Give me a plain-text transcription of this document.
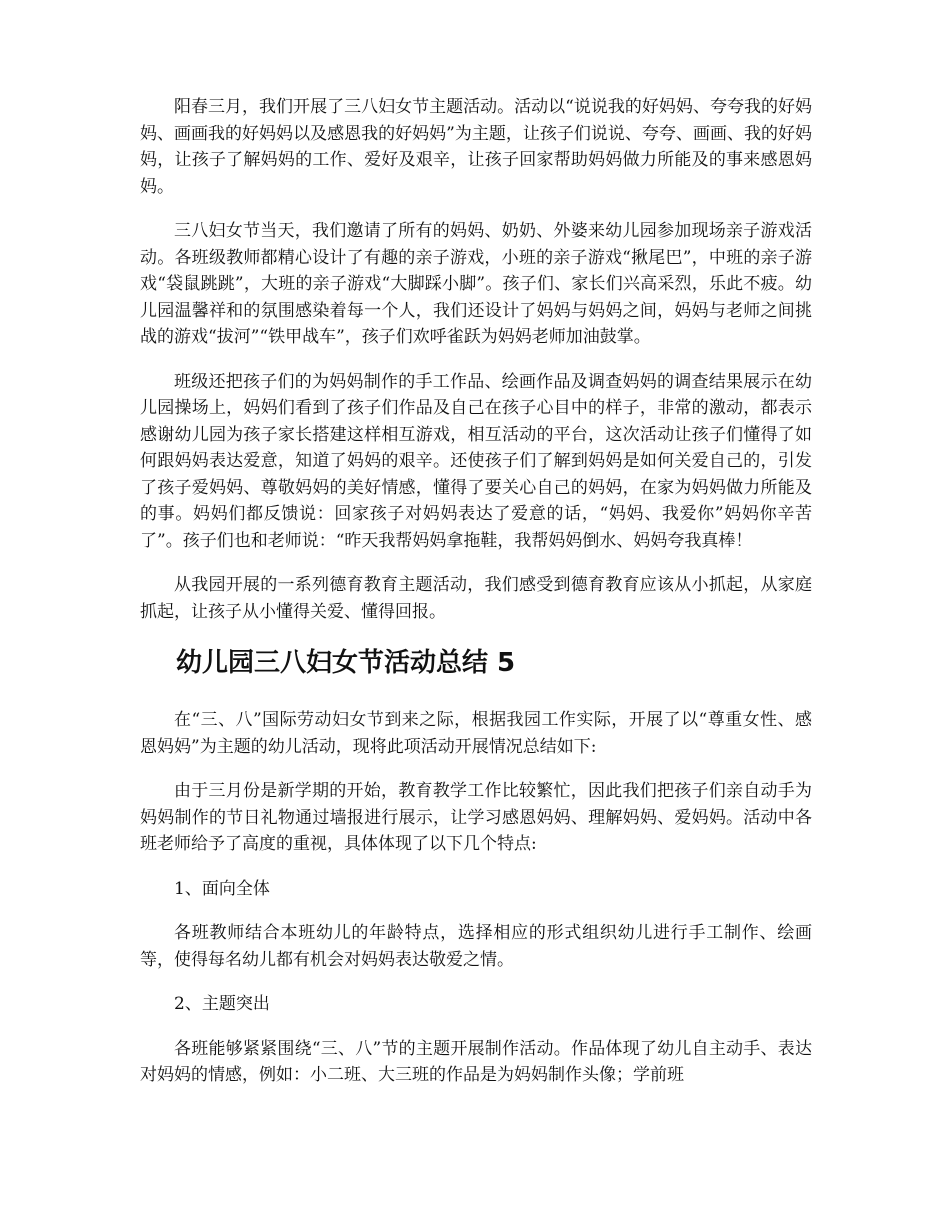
阳春三月，我们开展了三八妇女节主题活动。活动以“说说我的好妈妈、夸夸我的好妈妈、画画我的好妈妈以及感恩我的好妈妈”为主题，让孩子们说说、夸夸、画画、我的好妈妈，让孩子了解妈妈的工作、爱好及艰辛，让孩子回家帮助妈妈做力所能及的事来感恩妈妈。

三八妇女节当天，我们邀请了所有的妈妈、奶奶、外婆来幼儿园参加现场亲子游戏活动。各班级教师都精心设计了有趣的亲子游戏，小班的亲子游戏“揪尾巴”，中班的亲子游戏“袋鼠跳跳”，大班的亲子游戏“大脚踩小脚”。孩子们、家长们兴高采烈，乐此不疲。幼儿园温馨祥和的氛围感染着每一个人，我们还设计了妈妈与妈妈之间，妈妈与老师之间挑战的游戏“拔河”“铁甲战车”，孩子们欢呼雀跃为妈妈老师加油鼓掌。

班级还把孩子们的为妈妈制作的手工作品、绘画作品及调查妈妈的调查结果展示在幼儿园操场上，妈妈们看到了孩子们作品及自己在孩子心目中的样子，非常的激动，都表示感谢幼儿园为孩子家长搭建这样相互游戏，相互活动的平台，这次活动让孩子们懂得了如何跟妈妈表达爱意，知道了妈妈的艰辛。还使孩子们了解到妈妈是如何关爱自己的，引发了孩子爱妈妈、尊敬妈妈的美好情感，懂得了要关心自己的妈妈，在家为妈妈做力所能及的事。妈妈们都反馈说：回家孩子对妈妈表达了爱意的话，“妈妈、我爱你”妈妈你辛苦了”。孩子们也和老师说：“昨天我帮妈妈拿拖鞋，我帮妈妈倒水、妈妈夸我真棒！

从我园开展的一系列德育教育主题活动，我们感受到德育教育应该从小抓起，从家庭抓起，让孩子从小懂得关爱、懂得回报。

幼儿园三八妇女节活动总结 5

在“三、八”国际劳动妇女节到来之际，根据我园工作实际，开展了以“尊重女性、感恩妈妈”为主题的幼儿活动，现将此项活动开展情况总结如下:

由于三月份是新学期的开始，教育教学工作比较繁忙，因此我们把孩子们亲自动手为妈妈制作的节日礼物通过墙报进行展示，让学习感恩妈妈、理解妈妈、爱妈妈。活动中各班老师给予了高度的重视，具体体现了以下几个特点:

1、面向全体

各班教师结合本班幼儿的年龄特点，选择相应的形式组织幼儿进行手工制作、绘画等，使得每名幼儿都有机会对妈妈表达敬爱之情。

2、主题突出

各班能够紧紧围绕“三、八”节的主题开展制作活动。作品体现了幼儿自主动手、表达对妈妈的情感，例如：小二班、大三班的作品是为妈妈制作头像；学前班
